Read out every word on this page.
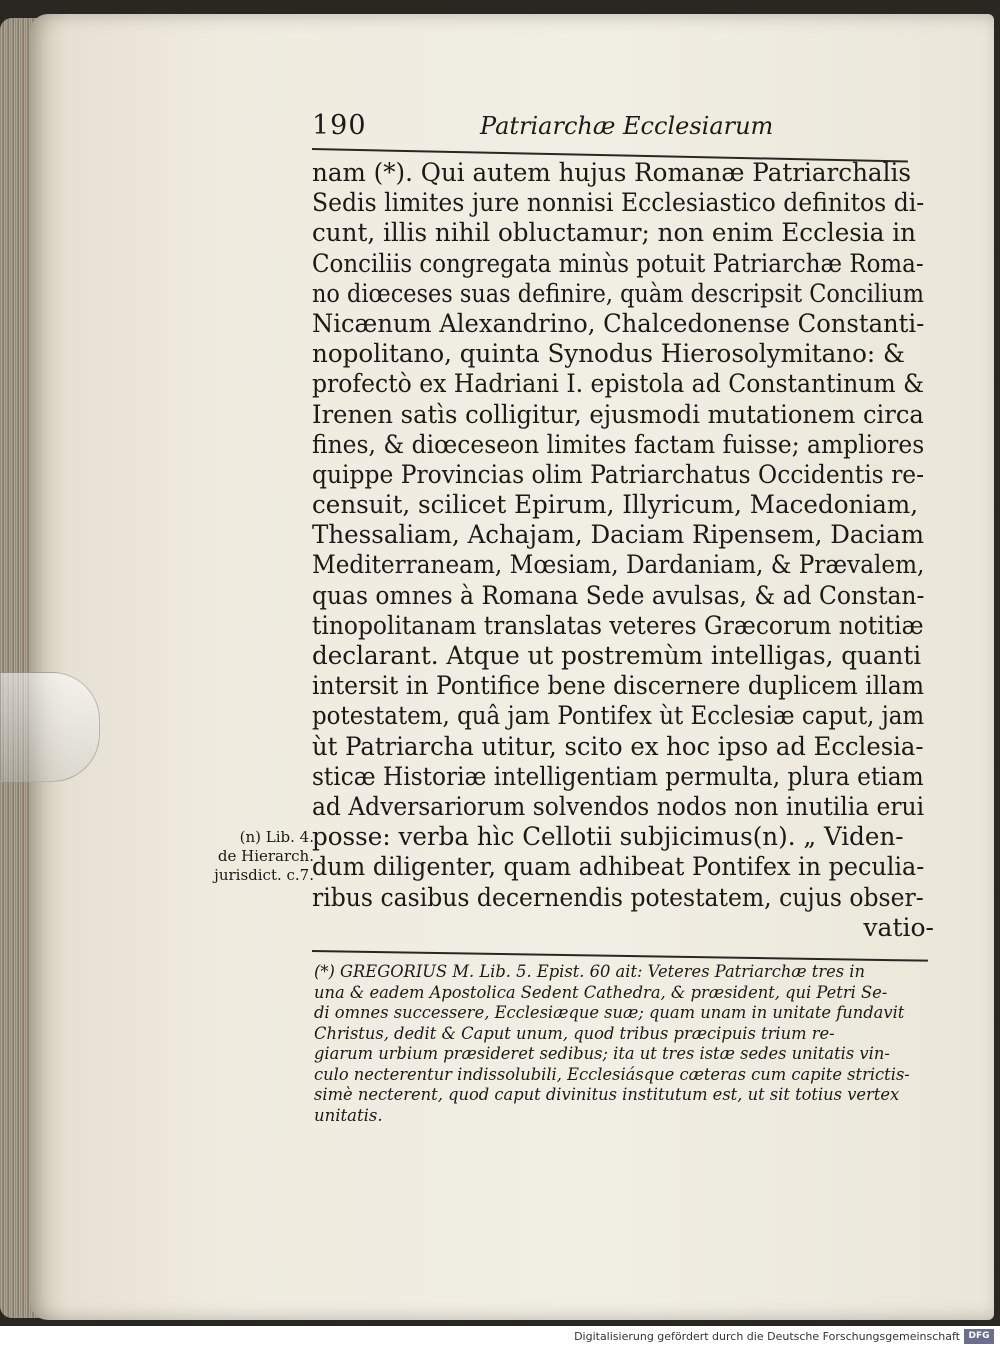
190	Patriarchæ Ecclesiarum
nam (*). Qui autem hujus Romanæ Patriarchalis
Sedis limites jure nonnisi Ecclesiastico definitos di-
cunt, illis nihil obluctamur; non enim Ecclesia in
Conciliis congregata minùs potuit Patriarchæ Roma-
no diœceses suas definire, quàm descripsit Concilium
Nicænum Alexandrino, Chalcedonense Constanti-
nopolitano, quinta Synodus Hierosolymitano: &
profectò ex Hadriani I. epistola ad Constantinum &
Irenen satìs colligitur, ejusmodi mutationem circa
fines, & diœceseon limites factam fuisse; ampliores
quippe Provincias olim Patriarchatus Occidentis re-
censuit, scilicet Epirum, Illyricum, Macedoniam,
Thessaliam, Achajam, Daciam Ripensem, Daciam
Mediterraneam, Mœsiam, Dardaniam, & Prævalem,
quas omnes à Romana Sede avulsas, & ad Constan-
tinopolitanam translatas veteres Græcorum notitiæ
declarant. Atque ut postremùm intelligas, quanti
intersit in Pontifice bene discernere duplicem illam
potestatem, quâ jam Pontifex ùt Ecclesiæ caput, jam
ùt Patriarcha utitur, scito ex hoc ipso ad Ecclesia-
sticæ Historiæ intelligentiam permulta, plura etiam
ad Adversariorum solvendos nodos non inutilia erui
posse: verba hìc Cellotii subjicimus(n). „ Viden-
dum diligenter, quam adhibeat Pontifex in peculia-
ribus casibus decernendis potestatem, cujus obser-
vatio-
(n) Lib. 4.
de Hierarch.
jurisdict. c.7.
(*) GREGORIUS M. Lib. 5. Epist. 60 ait: Veteres Patriarchæ tres in
una & eadem Apostolica Sedent Cathedra, & præsident, qui Petri Se-
di omnes successere, Ecclesiæque suæ; quam unam in unitate fundavit
Christus, dedit & Caput unum, quod tribus præcipuis trium re-
giarum urbium præsideret sedibus; ita ut tres istæ sedes unitatis vin-
culo necterentur indissolubili, Ecclesiásque cæteras cum capite strictis-
simè necterent, quod caput divinitus institutum est, ut sit totius vertex
unitatis.
Digitalisierung gefördert durch die Deutsche Forschungsgemeinschaft DFG
